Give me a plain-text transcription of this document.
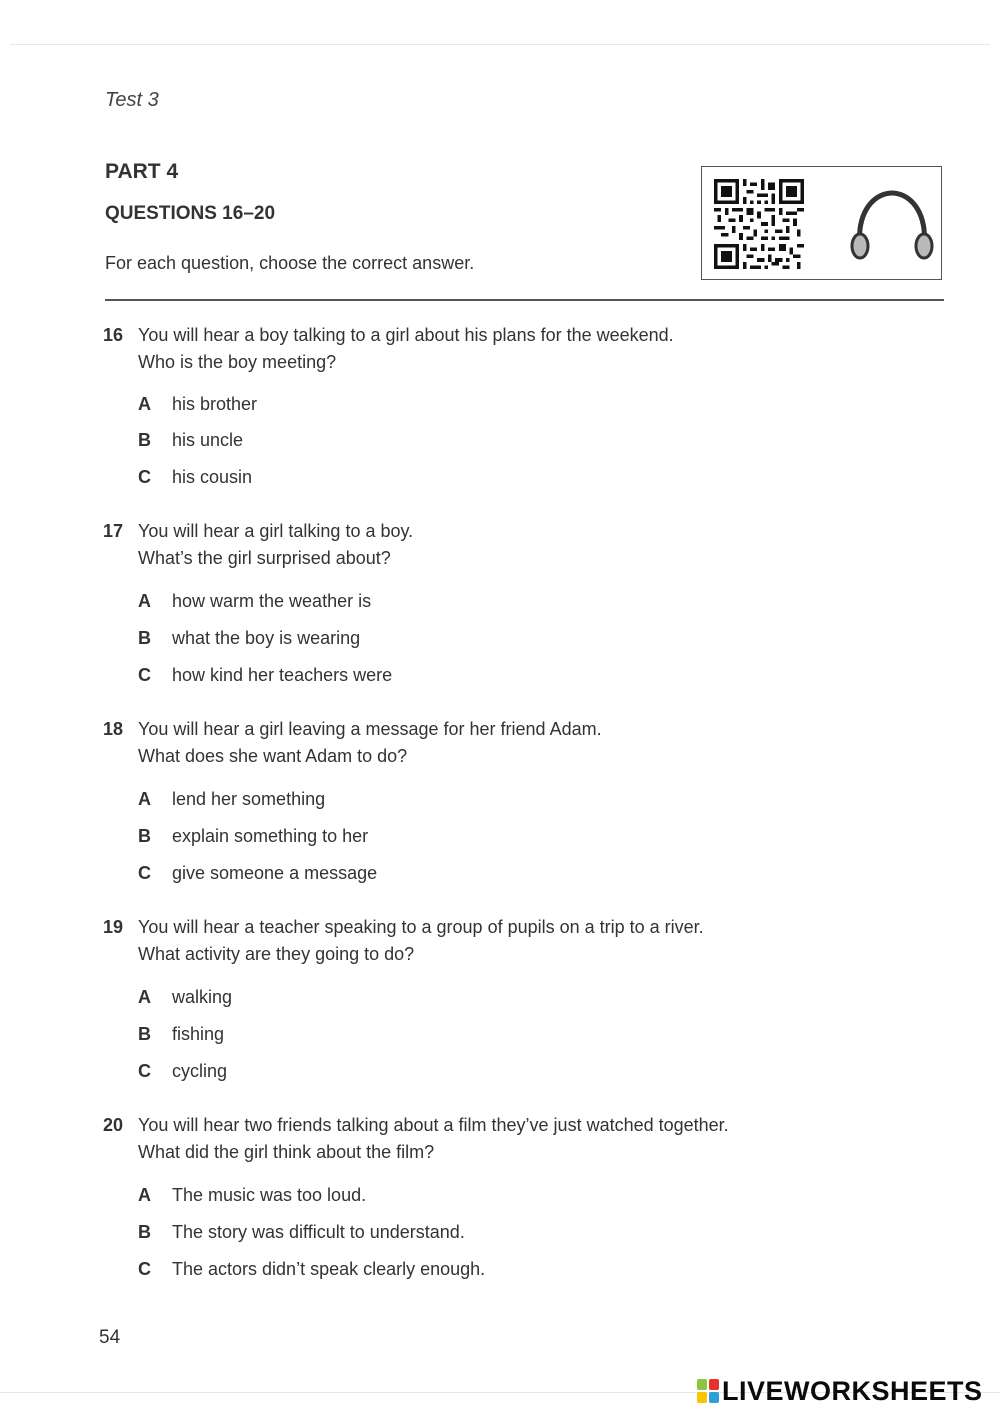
Test 3
PART 4
QUESTIONS 16–20
For each question, choose the correct answer.
16 You will hear a boy talking to a girl about his plans for the weekend.
Who is the boy meeting?
A his brother
B his uncle
C his cousin
17 You will hear a girl talking to a boy.
What’s the girl surprised about?
A how warm the weather is
B what the boy is wearing
C how kind her teachers were
18 You will hear a girl leaving a message for her friend Adam.
What does she want Adam to do?
A lend her something
B explain something to her
C give someone a message
19 You will hear a teacher speaking to a group of pupils on a trip to a river.
What activity are they going to do?
A walking
B fishing
C cycling
20 You will hear two friends talking about a film they’ve just watched together.
What did the girl think about the film?
A The music was too loud.
B The story was difficult to understand.
C The actors didn’t speak clearly enough.
54
LIVEWORKSHEETS
